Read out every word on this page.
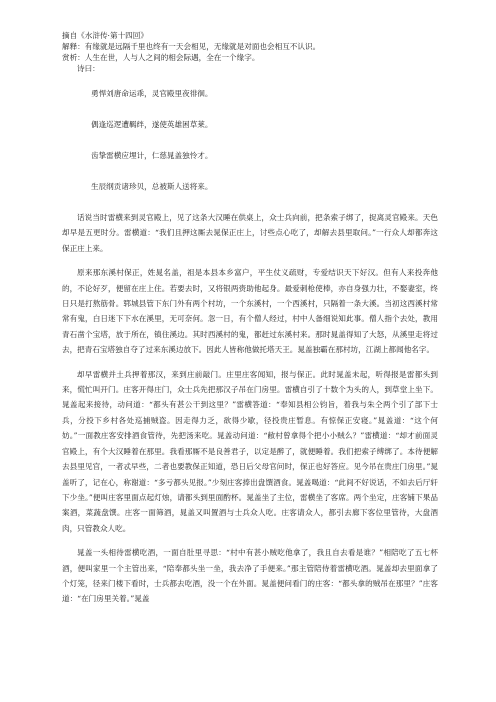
摘自《水浒传·第十四回》

解释：有缘就是远隔千里也终有一天会相见，无缘就是对面也会相互不认识。

赏析：人生在世，人与人之间的相会际遇，全在一个缘字。

诗曰：

勇悍刘唐命运乖，灵官殿里夜徘徊。

偶逢巡逻遭羁绊，遂使英雄困草莱。

齿挚雷横应埋计，仁慈晁盖独怜才。

生辰纲贡诸珍贝，总被斯人送将来。

话说当时雷横来到灵官殿上，见了这条大汉睡在供桌上，众士兵向前，把条索子绑了，捉离灵官殿来。天色却早是五更时分。雷横道：“我们且押这厮去晁保正庄上，讨些点心吃了，却解去县里取问。”一行众人却都奔这保正庄上来。

原来那东溪村保正，姓晁名盖，祖是本县本乡富户，平生仗义疏财，专爱结识天下好汉。但有人来投奔他的，不论好歹，便留在庄上住。若要去时，又将银两赍助他起身。最爱刺枪使棒，亦自身强力壮，不娶妻室，终日只是打熬筋骨。郓城县管下东门外有两个村坊，一个东溪村，一个西溪村，只隔着一条大溪。当初这西溪村常常有鬼，白日迷下下水在溪里，无可奈何。忽一日，有个僧人经过，村中人备细说知此事。僧人指个去处，教用青石凿个宝塔，放于所在，镇住溪边。其时西溪村的鬼，都赶过东溪村来。那时晁盖得知了大怒，从溪里走将过去，把青石宝塔独自夺了过来东溪边放下。因此人皆称他做托塔天王。晁盖独霸在那村坊，江湖上都闻他名字。

却早雷横并土兵押着那汉，来到庄前敲门。庄里庄客闻知，报与保正。此时晁盖未起，听得报是雷都头到来，慌忙叫开门。庄客开得庄门，众士兵先把那汉子吊在门房里。雷横自引了十数个为头的人，到草堂上坐下。晁盖起来接待，动问道：“都头有甚公干到这里？”雷横答道：“奉知县相公钧旨，着我与朱仝两个引了部下士兵，分投下乡村各处巡捕贼盗。因走得力乏，欲得少歇，径投贵庄暂息。有惊保正安寝。”晁盖道：“这个何妨。”一面教庄客安排酒食管待，先把汤来吃。晁盖动问道：“敝村曾拿得个把小小贼么？”雷横道：“却才前面灵官殿上，有个大汉睡着在那里。我看那厮不是良善君子，以定是醉了，就便睡着。我们把索子缚绑了。本待便解去县里见官，一者忒早些，二者也要教保正知道，恐日后父母官问时，保正也好答应。见今吊在贵庄门房里。”晁盖听了，记在心，称谢道：“多亏都头见报。”少刻庄客捧出盘馔酒食。晁盖喝道：“此间不好说话，不如去后厅轩下少坐。”便叫庄客里面点起灯烛，请都头到里面酌杯。晁盖坐了主位，雷横坐了客席。两个坐定，庄客铺下果品案酒，菜蔬盘馔。庄客一面筛酒，晁盖又叫置酒与士兵众人吃。庄客请众人，都引去廊下客位里管待，大盘酒肉，只管教众人吃。

晁盖一头相待雷横吃酒，一面自肚里寻思：“村中有甚小贼吃他拿了，我且自去看是谁？”相陪吃了五七杯酒，便叫家里一个主管出来，“陪奉都头坐一坐，我去净了手便来。”那主管陪侍着雷横吃酒。晁盖却去里面拿了个灯笼，径来门楼下看时，士兵都去吃酒，没一个在外面。晁盖便问看门的庄客：“都头拿的贼吊在那里？”庄客道：“在门房里关着。”晁盖
